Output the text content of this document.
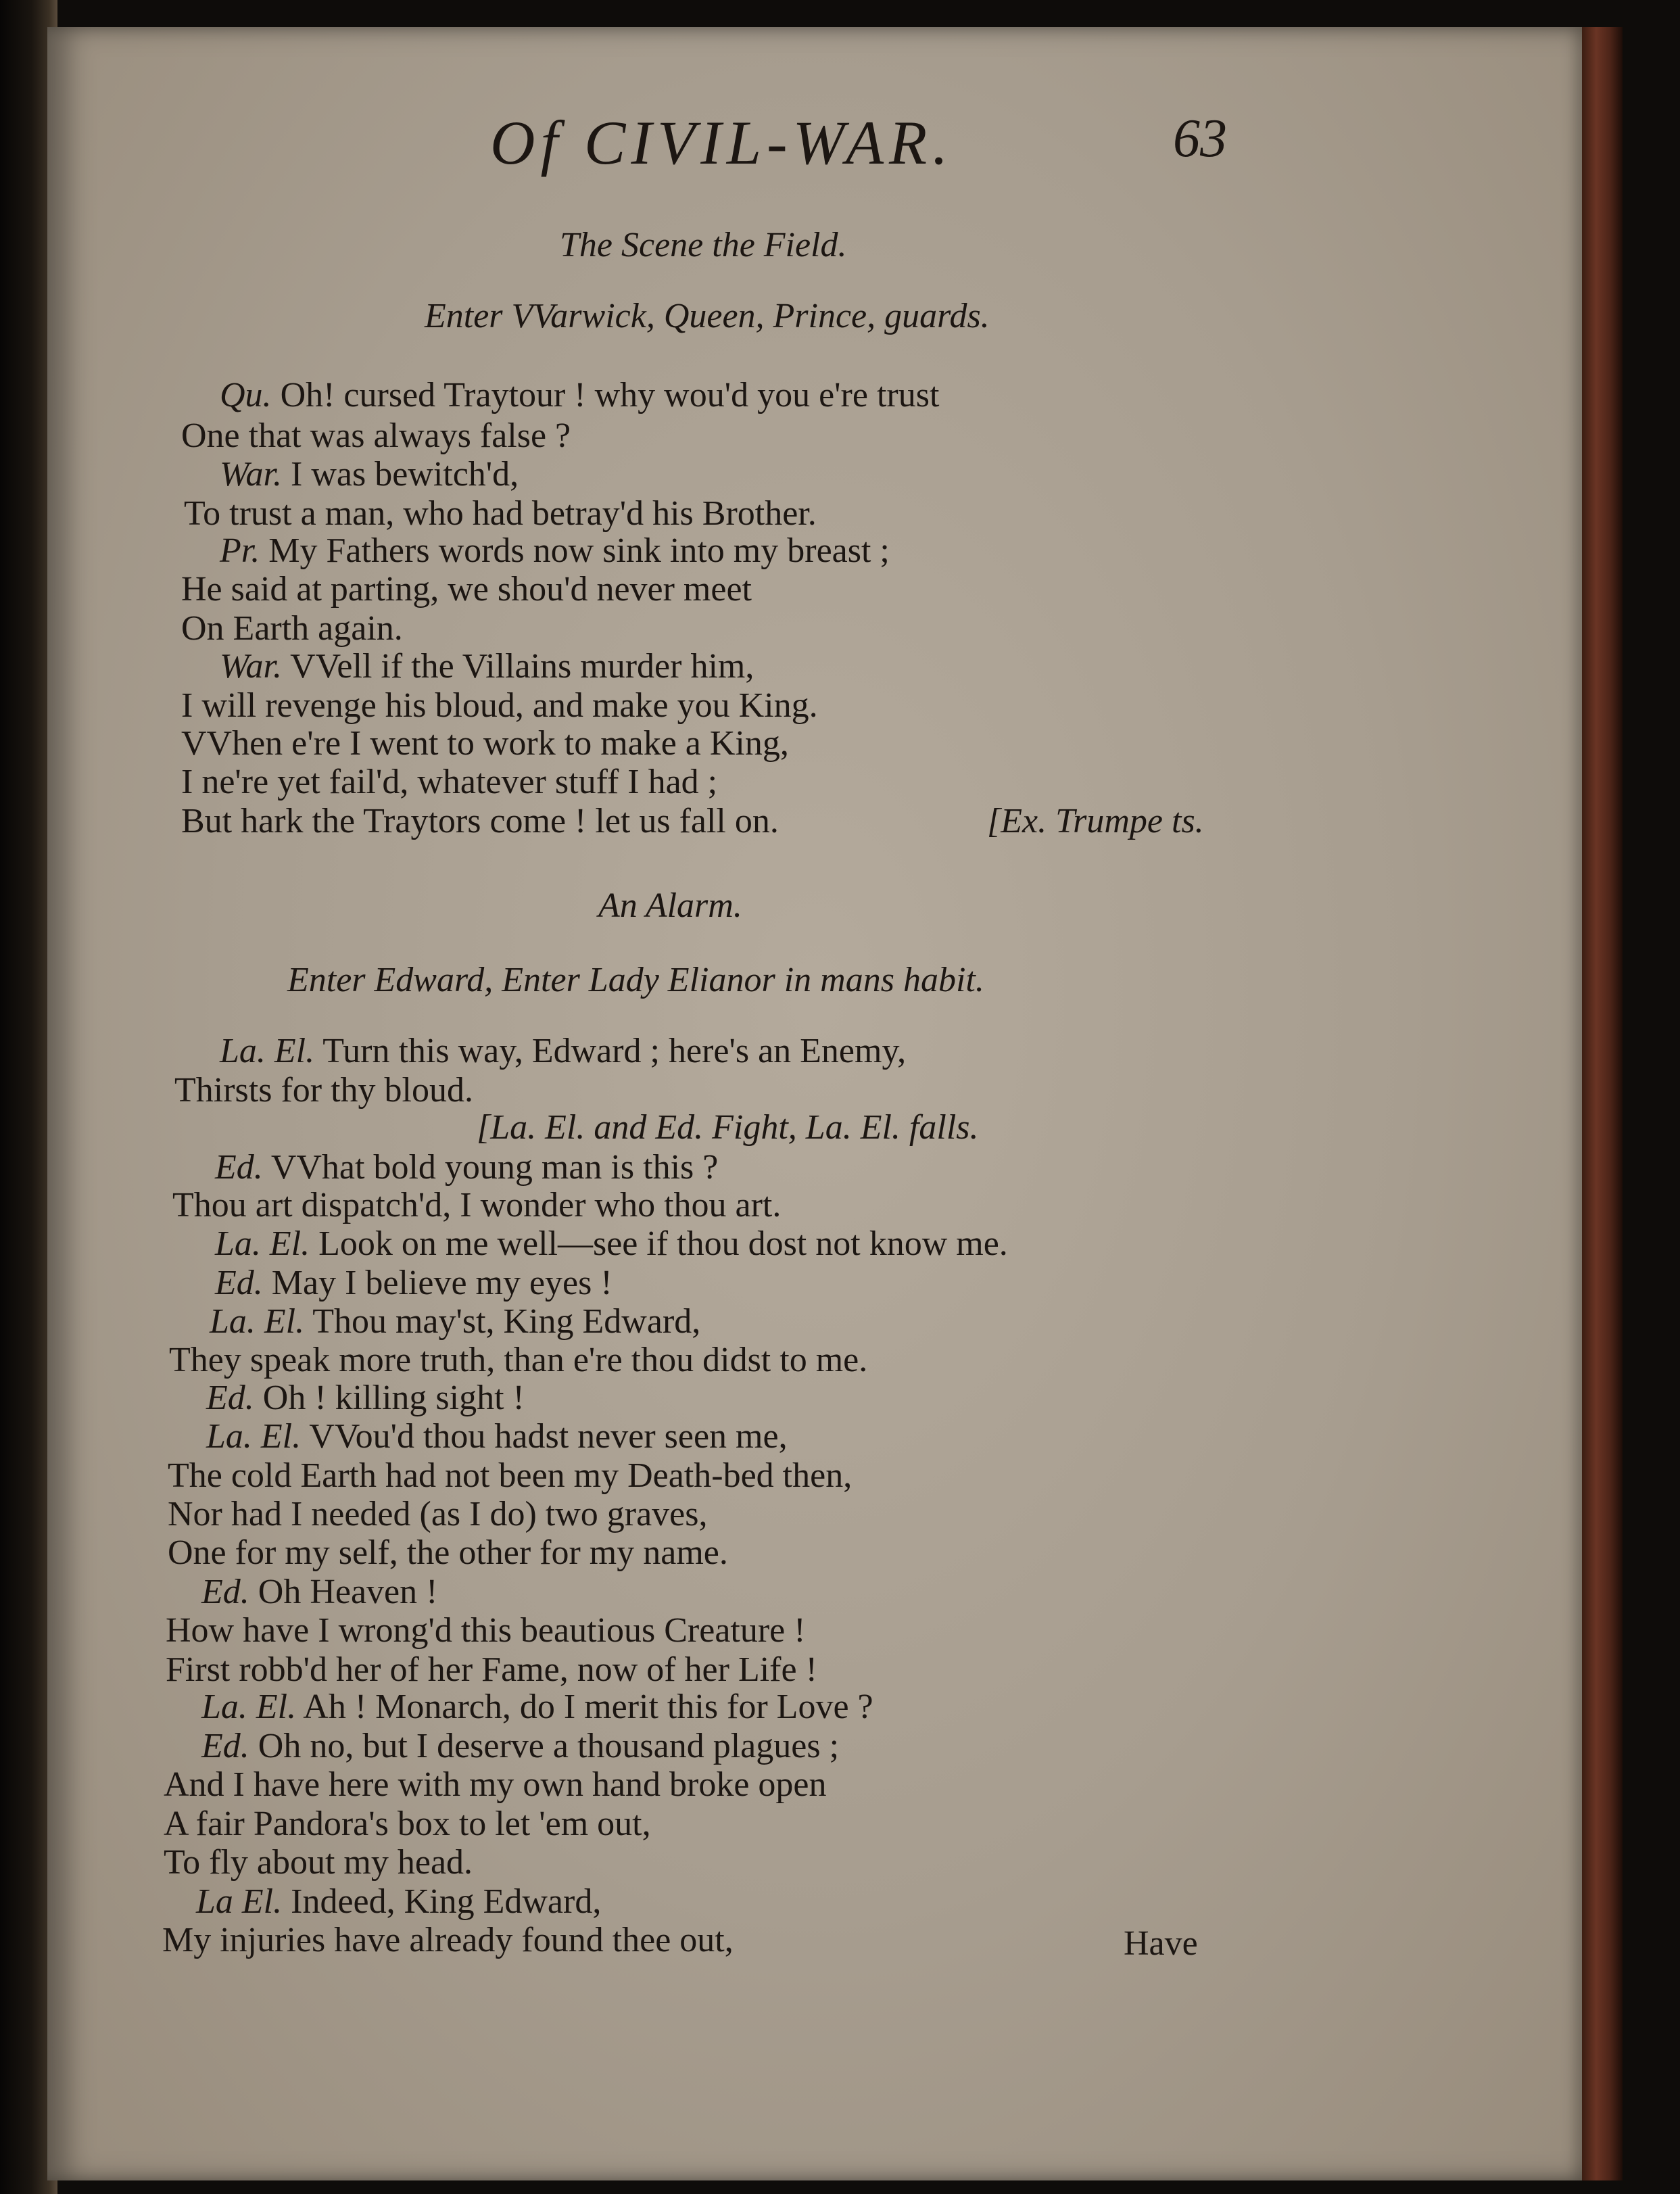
Of CIVIL-WAR.	63
The Scene the Field.
Enter VVarwick, Queen, Prince, guards.
Qu. Oh! cursed Traytour ! why wou'd you e're trust
One that was always false ?
War. I was bewitch'd,
To trust a man, who had betray'd his Brother.
Pr. My Fathers words now sink into my breast ;
He said at parting, we shou'd never meet
On Earth again.
War. VVell if the Villains murder him,
I will revenge his bloud, and make you King.
VVhen e're I went to work to make a King,
I ne're yet fail'd, whatever stuff I had ;
But hark the Traytors come ! let us fall on.	[Ex. Trumpe ts.
An Alarm.
Enter Edward, Enter Lady Elianor in mans habit.
La. El. Turn this way, Edward ; here's an Enemy,
Thirsts for thy bloud.
[La. El. and Ed. Fight, La. El. falls.
Ed. VVhat bold young man is this ?
Thou art dispatch'd, I wonder who thou art.
La. El. Look on me well—see if thou dost not know me.
Ed. May I believe my eyes !
La. El. Thou may'st, King Edward,
They speak more truth, than e're thou didst to me.
Ed. Oh ! killing sight !
La. El. VVou'd thou hadst never seen me,
The cold Earth had not been my Death-bed then,
Nor had I needed (as I do) two graves,
One for my self, the other for my name.
Ed. Oh Heaven !
How have I wrong'd this beautious Creature !
First robb'd her of her Fame, now of her Life !
La. El. Ah ! Monarch, do I merit this for Love ?
Ed. Oh no, but I deserve a thousand plagues ;
And I have here with my own hand broke open
A fair Pandora's box to let 'em out,
To fly about my head.
La El. Indeed, King Edward,
My injuries have already found thee out,	Have
